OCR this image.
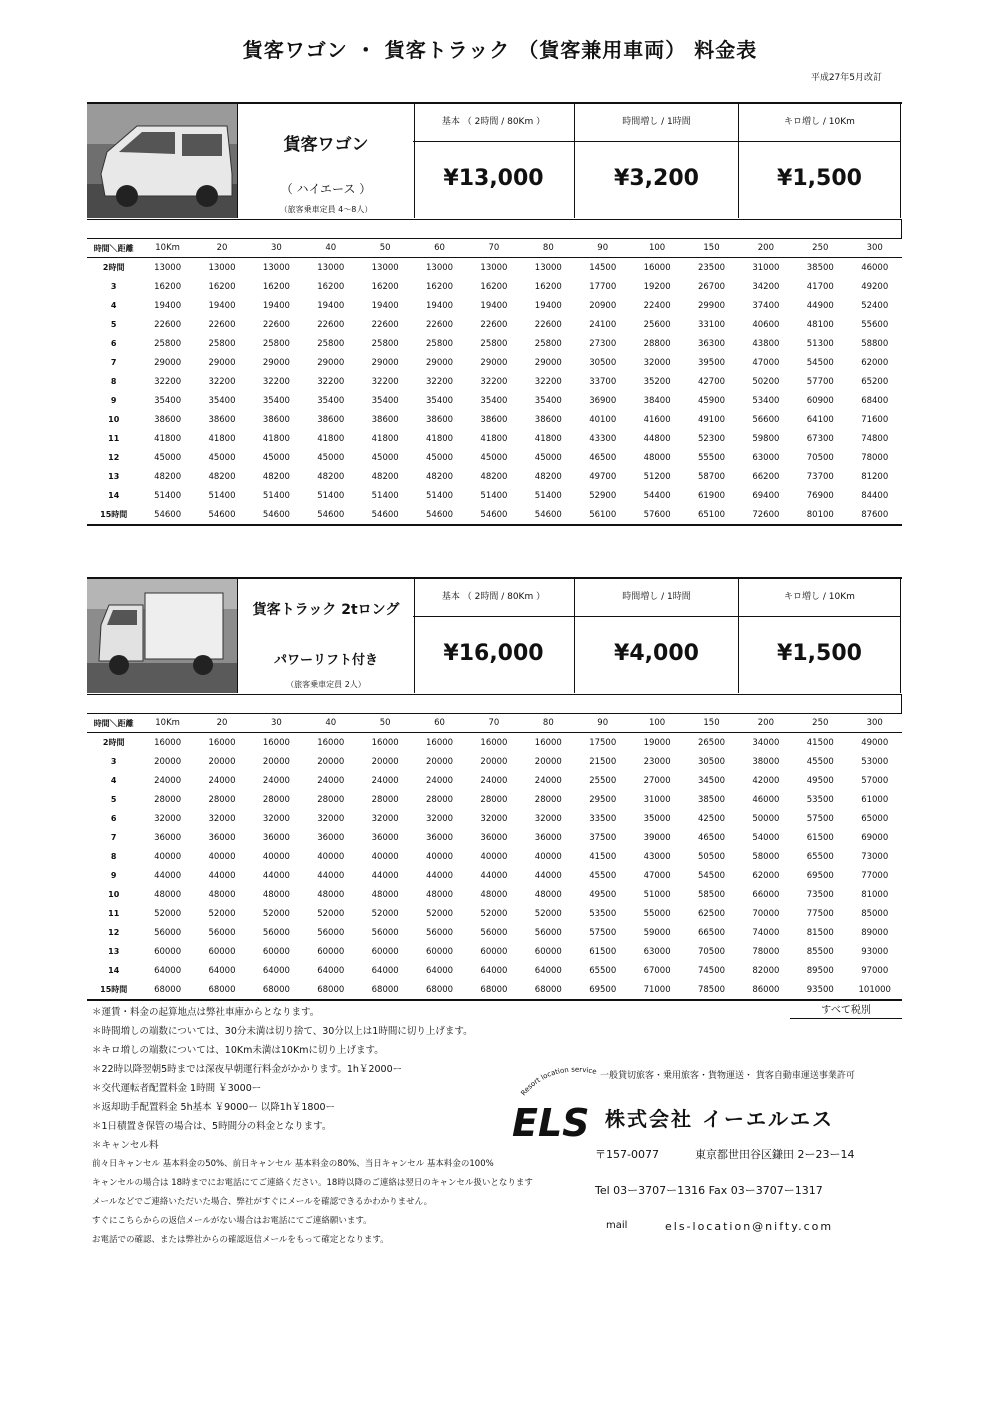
貨客ワゴン ・ 貨客トラック （貨客兼用車両） 料金表
平成27年5月改訂
貨客ワゴン
（ ハイエース ）
（旅客乗車定員 4～8人）
基本 （ 2時間 / 80Km ）
¥13,000
時間増し / 1時間
¥3,200
キロ増し / 10Km
¥1,500
時間＼距離	10Km	20	30	40	50	60	70	80	90	100	150	200	250	300
2時間	13000	13000	13000	13000	13000	13000	13000	13000	14500	16000	23500	31000	38500	46000
3	16200	16200	16200	16200	16200	16200	16200	16200	17700	19200	26700	34200	41700	49200
4	19400	19400	19400	19400	19400	19400	19400	19400	20900	22400	29900	37400	44900	52400
5	22600	22600	22600	22600	22600	22600	22600	22600	24100	25600	33100	40600	48100	55600
6	25800	25800	25800	25800	25800	25800	25800	25800	27300	28800	36300	43800	51300	58800
7	29000	29000	29000	29000	29000	29000	29000	29000	30500	32000	39500	47000	54500	62000
8	32200	32200	32200	32200	32200	32200	32200	32200	33700	35200	42700	50200	57700	65200
9	35400	35400	35400	35400	35400	35400	35400	35400	36900	38400	45900	53400	60900	68400
10	38600	38600	38600	38600	38600	38600	38600	38600	40100	41600	49100	56600	64100	71600
11	41800	41800	41800	41800	41800	41800	41800	41800	43300	44800	52300	59800	67300	74800
12	45000	45000	45000	45000	45000	45000	45000	45000	46500	48000	55500	63000	70500	78000
13	48200	48200	48200	48200	48200	48200	48200	48200	49700	51200	58700	66200	73700	81200
14	51400	51400	51400	51400	51400	51400	51400	51400	52900	54400	61900	69400	76900	84400
15時間	54600	54600	54600	54600	54600	54600	54600	54600	56100	57600	65100	72600	80100	87600
貨客トラック 2tロング
パワーリフト付き
（旅客乗車定員 2人）
基本 （ 2時間 / 80Km ）
¥16,000
時間増し / 1時間
¥4,000
キロ増し / 10Km
¥1,500
時間＼距離	10Km	20	30	40	50	60	70	80	90	100	150	200	250	300
2時間	16000	16000	16000	16000	16000	16000	16000	16000	17500	19000	26500	34000	41500	49000
3	20000	20000	20000	20000	20000	20000	20000	20000	21500	23000	30500	38000	45500	53000
4	24000	24000	24000	24000	24000	24000	24000	24000	25500	27000	34500	42000	49500	57000
5	28000	28000	28000	28000	28000	28000	28000	28000	29500	31000	38500	46000	53500	61000
6	32000	32000	32000	32000	32000	32000	32000	32000	33500	35000	42500	50000	57500	65000
7	36000	36000	36000	36000	36000	36000	36000	36000	37500	39000	46500	54000	61500	69000
8	40000	40000	40000	40000	40000	40000	40000	40000	41500	43000	50500	58000	65500	73000
9	44000	44000	44000	44000	44000	44000	44000	44000	45500	47000	54500	62000	69500	77000
10	48000	48000	48000	48000	48000	48000	48000	48000	49500	51000	58500	66000	73500	81000
11	52000	52000	52000	52000	52000	52000	52000	52000	53500	55000	62500	70000	77500	85000
12	56000	56000	56000	56000	56000	56000	56000	56000	57500	59000	66500	74000	81500	89000
13	60000	60000	60000	60000	60000	60000	60000	60000	61500	63000	70500	78000	85500	93000
14	64000	64000	64000	64000	64000	64000	64000	64000	65500	67000	74500	82000	89500	97000
15時間	68000	68000	68000	68000	68000	68000	68000	68000	69500	71000	78500	86000	93500	101000
すべて税別
＊運賃・料金の起算地点は弊社車庫からとなります。
＊時間増しの端数については、30分未満は切り捨て、30分以上は1時間に切り上げます。
＊キロ増しの端数については、10Km未満は10Kmに切り上げます。
＊22時以降翌朝5時までは深夜早朝運行料金がかかります。1h￥2000ー
＊交代運転者配置料金 1時間 ￥3000ー
＊返却助手配置料金 5h基本 ￥9000ー 以降1h￥1800ー
＊1日積置き保管の場合は、5時間分の料金となります。
＊キャンセル料
前々日キャンセル 基本料金の50%、前日キャンセル 基本料金の80%、当日キャンセル 基本料金の100%
キャンセルの場合は 18時までにお電話にてご連絡ください。18時以降のご連絡は翌日のキャンセル扱いとなります
メールなどでご連絡いただいた場合、弊社がすぐにメールを確認できるかわかりません。
すぐにこちらからの返信メールがない場合はお電話にてご連絡願います。
お電話での確認、または弊社からの確認返信メールをもって確定となります。
Resort location service
ELS
一般貸切旅客・乗用旅客・貨物運送・ 貨客自動車運送事業許可
株式会社 イーエルエス
〒157-0077	東京都世田谷区鎌田 2ー23ー14
Tel 03ー3707ー1316 Fax 03ー3707ー1317
mail	els-location@nifty.com
